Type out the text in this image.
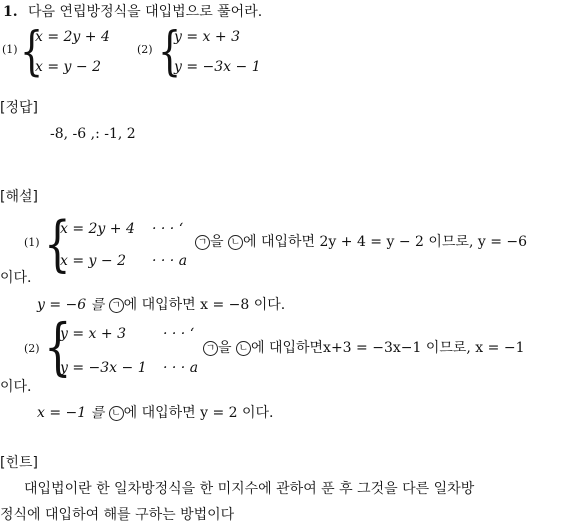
1. 다음 연립방정식을 대입법으로 풀어라.
(1) {
x = 2y + 4
x = y − 2
(2) {
y = x + 3
y = −3x − 1
[정답]
-8, -6 ,: -1, 2
[해설]
(1) {
x = 2y + 4 · · · ‘
x = y − 2 · · · a
ㄱ 을 ㄴ 에 대입하면 2y + 4 = y − 2 이므로, y = −6
이다.
y = −6 를 ㄱ 에 대입하면 x = −8 이다.
(2) {
y = x + 3	· · · ‘
y = −3x − 1 · · · a
ㄱ 을 ㄴ 에 대입하면x+3 = −3x−1 이므로, x = −1
이다.
x = −1 를 ㄴ 에 대입하면 y = 2 이다.
[힌트]
대입법이란 한 일차방정식을 한 미지수에 관하여 푼 후 그것을 다른 일차방
정식에 대입하여 해를 구하는 방법이다
